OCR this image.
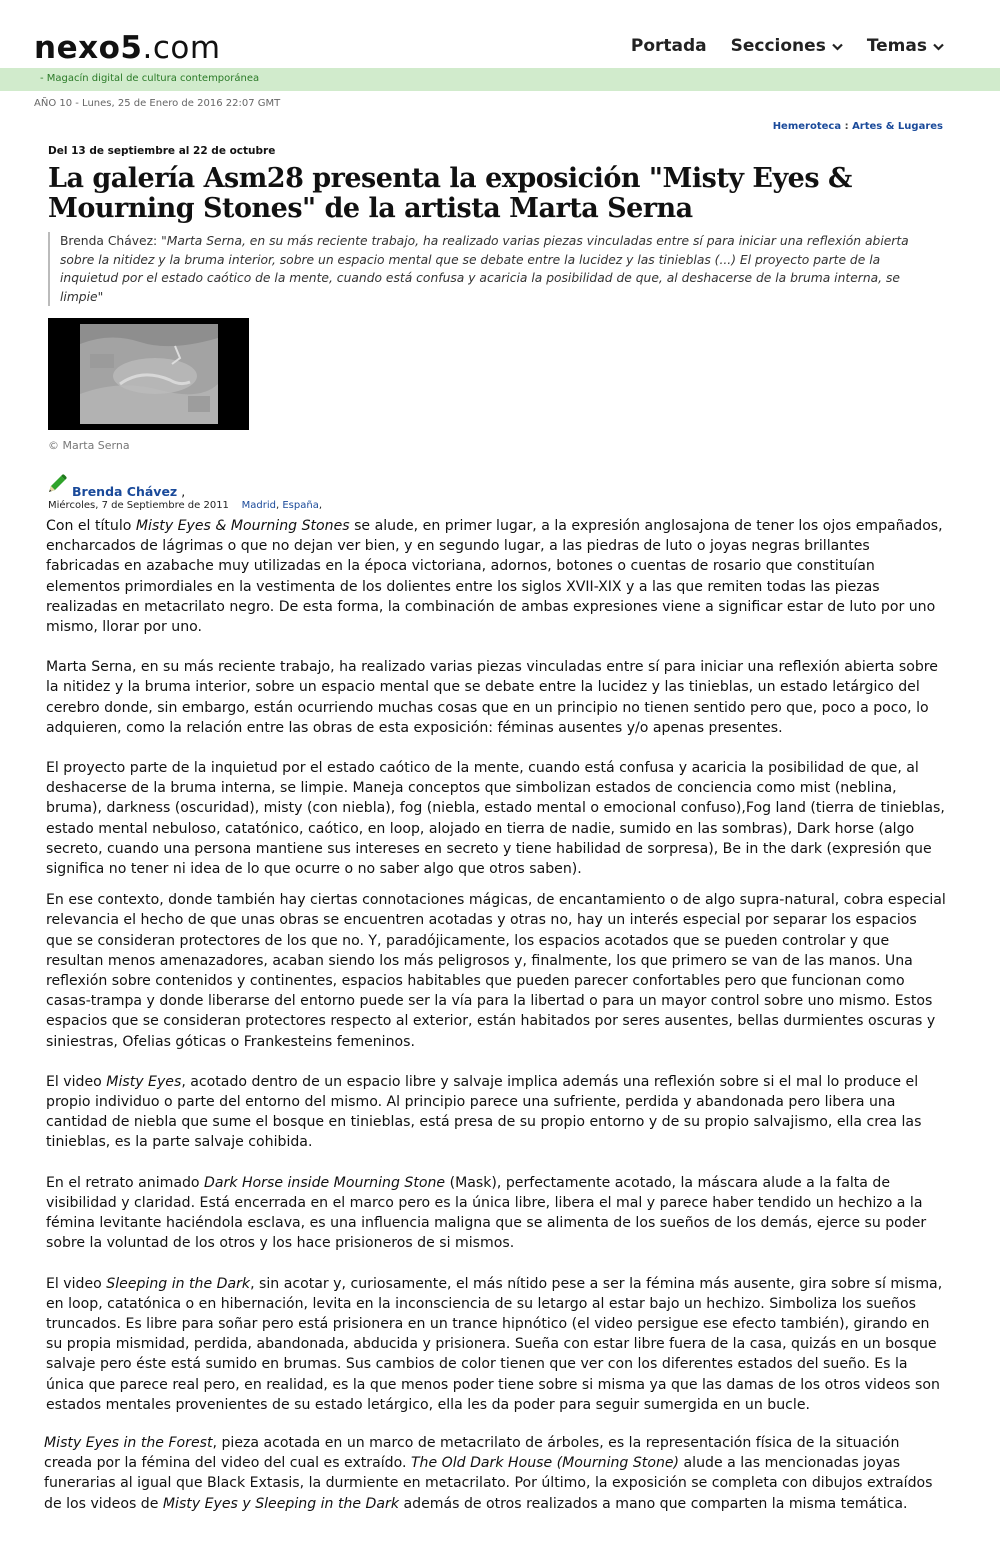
nexo5.com	Portada Secciones Temas
- Magacín digital de cultura contemporánea
AÑO 10 - Lunes, 25 de Enero de 2016 22:07 GMT
Hemeroteca : Artes & Lugares
Del 13 de septiembre al 22 de octubre
La galería Asm28 presenta la exposición "Misty Eyes & Mourning Stones" de la artista Marta Serna
Brenda Chávez: "Marta Serna, en su más reciente trabajo, ha realizado varias piezas vinculadas entre sí para iniciar una reflexión abierta sobre la nitidez y la bruma interior, sobre un espacio mental que se debate entre la lucidez y las tinieblas (...) El proyecto parte de la inquietud por el estado caótico de la mente, cuando está confusa y acaricia la posibilidad de que, al deshacerse de la bruma interna, se limpie"
© Marta Serna
Brenda Chávez ,
Miércoles, 7 de Septiembre de 2011 Madrid, España,

Con el título Misty Eyes & Mourning Stones se alude, en primer lugar, a la expresión anglosajona de tener los ojos empañados, encharcados de lágrimas o que no dejan ver bien, y en segundo lugar, a las piedras de luto o joyas negras brillantes fabricadas en azabache muy utilizadas en la época victoriana, adornos, botones o cuentas de rosario que constituían elementos primordiales en la vestimenta de los dolientes entre los siglos XVII-XIX y a las que remiten todas las piezas realizadas en metacrilato negro. De esta forma, la combinación de ambas expresiones viene a significar estar de luto por uno mismo, llorar por uno.

Marta Serna, en su más reciente trabajo, ha realizado varias piezas vinculadas entre sí para iniciar una reflexión abierta sobre la nitidez y la bruma interior, sobre un espacio mental que se debate entre la lucidez y las tinieblas, un estado letárgico del cerebro donde, sin embargo, están ocurriendo muchas cosas que en un principio no tienen sentido pero que, poco a poco, lo adquieren, como la relación entre las obras de esta exposición: féminas ausentes y/o apenas presentes.

El proyecto parte de la inquietud por el estado caótico de la mente, cuando está confusa y acaricia la posibilidad de que, al deshacerse de la bruma interna, se limpie. Maneja conceptos que simbolizan estados de conciencia como mist (neblina, bruma), darkness (oscuridad), misty (con niebla), fog (niebla, estado mental o emocional confuso),Fog land (tierra de tinieblas, estado mental nebuloso, catatónico, caótico, en loop, alojado en tierra de nadie, sumido en las sombras), Dark horse (algo secreto, cuando una persona mantiene sus intereses en secreto y tiene habilidad de sorpresa), Be in the dark (expresión que significa no tener ni idea de lo que ocurre o no saber algo que otros saben).

En ese contexto, donde también hay ciertas connotaciones mágicas, de encantamiento o de algo supra-natural, cobra especial relevancia el hecho de que unas obras se encuentren acotadas y otras no, hay un interés especial por separar los espacios que se consideran protectores de los que no. Y, paradójicamente, los espacios acotados que se pueden controlar y que resultan menos amenazadores, acaban siendo los más peligrosos y, finalmente, los que primero se van de las manos. Una reflexión sobre contenidos y continentes, espacios habitables que pueden parecer confortables pero que funcionan como casas-trampa y donde liberarse del entorno puede ser la vía para la libertad o para un mayor control sobre uno mismo. Estos espacios que se consideran protectores respecto al exterior, están habitados por seres ausentes, bellas durmientes oscuras y siniestras, Ofelias góticas o Frankesteins femeninos.

El video Misty Eyes, acotado dentro de un espacio libre y salvaje implica además una reflexión sobre si el mal lo produce el propio individuo o parte del entorno del mismo. Al principio parece una sufriente, perdida y abandonada pero libera una cantidad de niebla que sume el bosque en tinieblas, está presa de su propio entorno y de su propio salvajismo, ella crea las tinieblas, es la parte salvaje cohibida.

En el retrato animado Dark Horse inside Mourning Stone (Mask), perfectamente acotado, la máscara alude a la falta de visibilidad y claridad. Está encerrada en el marco pero es la única libre, libera el mal y parece haber tendido un hechizo a la fémina levitante haciéndola esclava, es una influencia maligna que se alimenta de los sueños de los demás, ejerce su poder sobre la voluntad de los otros y los hace prisioneros de si mismos.

El video Sleeping in the Dark, sin acotar y, curiosamente, el más nítido pese a ser la fémina más ausente, gira sobre sí misma, en loop, catatónica o en hibernación, levita en la inconsciencia de su letargo al estar bajo un hechizo. Simboliza los sueños truncados. Es libre para soñar pero está prisionera en un trance hipnótico (el video persigue ese efecto también), girando en su propia mismidad, perdida, abandonada, abducida y prisionera. Sueña con estar libre fuera de la casa, quizás en un bosque salvaje pero éste está sumido en brumas. Sus cambios de color tienen que ver con los diferentes estados del sueño. Es la única que parece real pero, en realidad, es la que menos poder tiene sobre si misma ya que las damas de los otros videos son estados mentales provenientes de su estado letárgico, ella les da poder para seguir sumergida en un bucle.

Misty Eyes in the Forest, pieza acotada en un marco de metacrilato de árboles, es la representación física de la situación creada por la fémina del video del cual es extraído. The Old Dark House (Mourning Stone) alude a las mencionadas joyas funerarias al igual que Black Extasis, la durmiente en metacrilato. Por último, la exposición se completa con dibujos extraídos de los videos de Misty Eyes y Sleeping in the Dark además de otros realizados a mano que comparten la misma temática.
